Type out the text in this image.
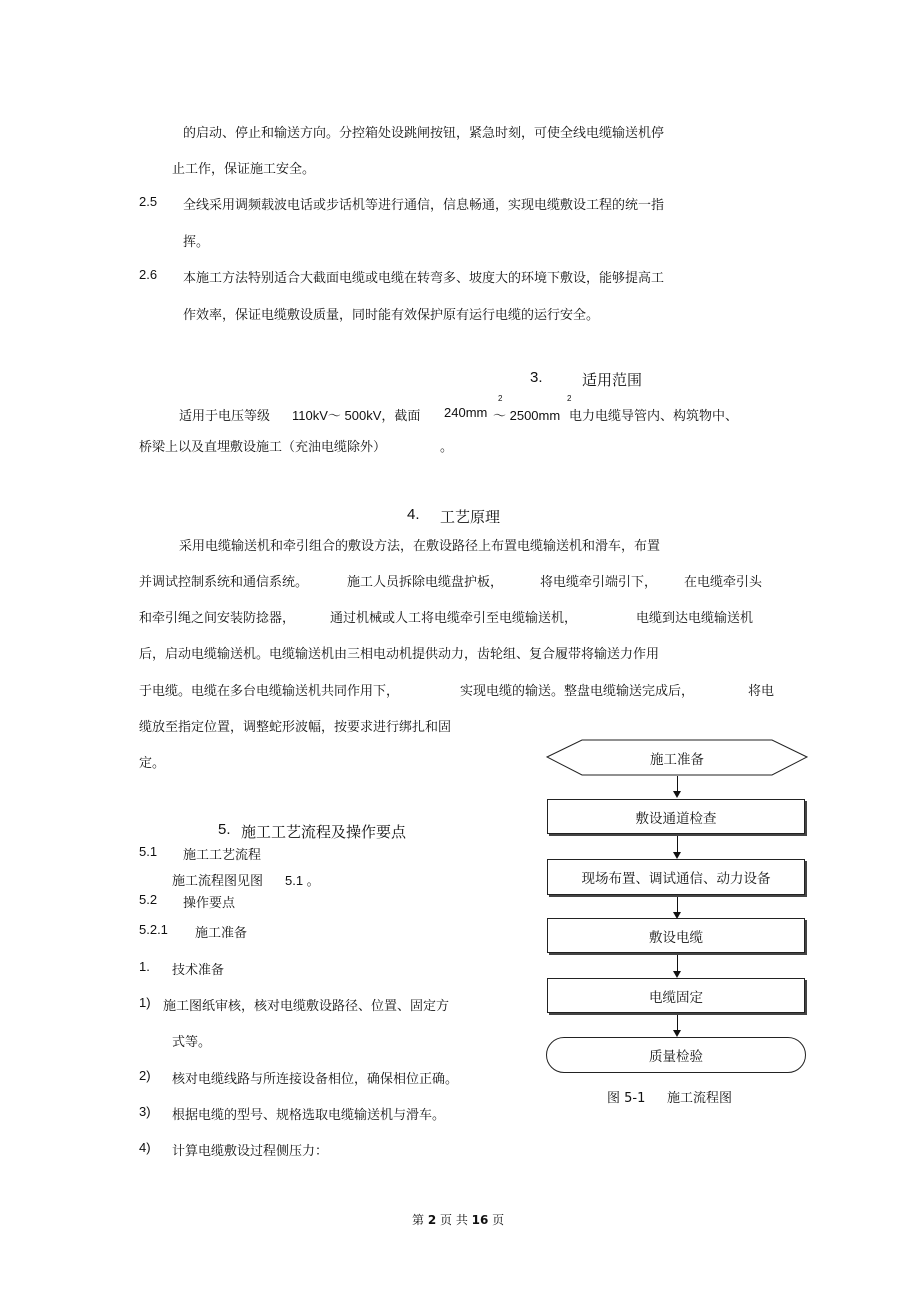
的启动、停止和输送方向。分控箱处设跳闸按钮，紧急时刻，可使全线电缆输送机停
止工作，保证施工安全。
2.5 全线采用调频载波电话或步话机等进行通信，信息畅通，实现电缆敷设工程的统一指
挥。
2.6 本施工方法特别适合大截面电缆或电缆在转弯多、坡度大的环境下敷设，能够提高工
作效率，保证电缆敷设质量，同时能有效保护原有运行电缆的运行安全。
3.	适用范围
适用于电压等级 110kV～ 500kV，截面 240mm
2
～ 2500mm
2
电力电缆导管内、构筑物中、
桥梁上以及直埋敷设施工（充油电缆除外）	。
4. 工艺原理
采用电缆输送机和牵引组合的敷设方法，在敷设路径上布置电缆输送机和滑车，布置
并调试控制系统和通信系统。	施工人员拆除电缆盘护板，	将电缆牵引端引下， 在电缆牵引头
和牵引绳之间安装防捻器，	通过机械或人工将电缆牵引至电缆输送机，	电缆到达电缆输送机
后，启动电缆输送机。电缆输送机由三相电动机提供动力，齿轮组、复合履带将输送力作用
于电缆。电缆在多台电缆输送机共同作用下，	实现电缆的输送。整盘电缆输送完成后，	将电
缆放至指定位置，调整蛇形波幅，按要求进行绑扎和固
定。
5. 施工工艺流程及操作要点
5.1 施工工艺流程
施工流程图见图 5.1 。
5.2 操作要点
5.2.1 施工准备
1. 技术准备
1) 施工图纸审核，核对电缆敷设路径、位置、固定方
式等。
2) 核对电缆线路与所连接设备相位，确保相位正确。
3) 根据电缆的型号、规格选取电缆输送机与滑车。
4) 计算电缆敷设过程侧压力：
施工准备
敷设通道检查
现场布置、调试通信、动力设备
敷设电缆
电缆固定
质量检验
图 5-1 施工流程图
第 2 页 共 16 页
